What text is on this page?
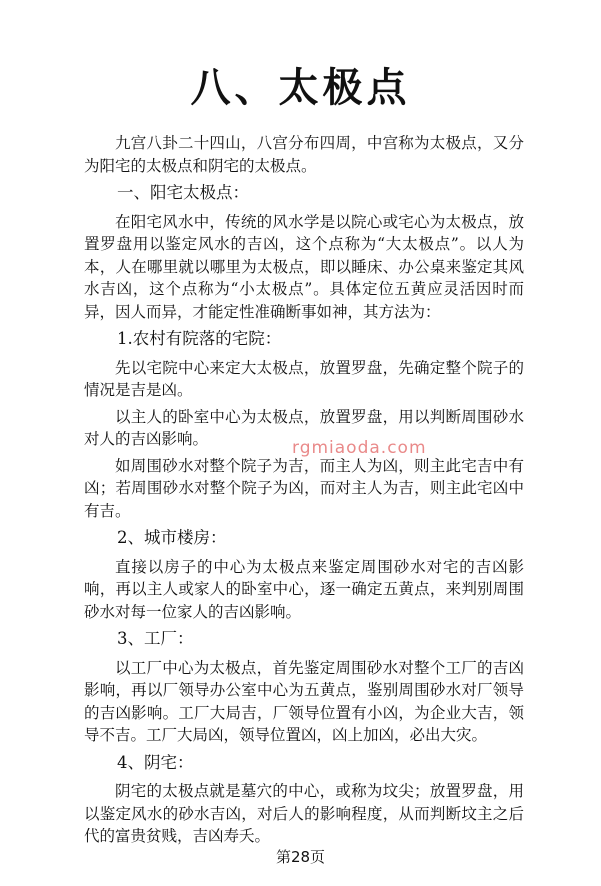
八、太极点

九宫八卦二十四山，八宫分布四周，中宫称为太极点，又分为阳宅的太极点和阴宅的太极点。

一、阳宅太极点：

在阳宅风水中，传统的风水学是以院心或宅心为太极点，放置罗盘用以鉴定风水的吉凶，这个点称为“大太极点”。以人为本，人在哪里就以哪里为太极点，即以睡床、办公桌来鉴定其风水吉凶，这个点称为“小太极点”。具体定位五黄应灵活因时而异，因人而异，才能定性准确断事如神，其方法为：

1.农村有院落的宅院：

先以宅院中心来定大太极点，放置罗盘，先确定整个院子的情况是吉是凶。

以主人的卧室中心为太极点，放置罗盘，用以判断周围砂水对人的吉凶影响。

如周围砂水对整个院子为吉，而主人为凶，则主此宅吉中有凶；若周围砂水对整个院子为凶，而对主人为吉，则主此宅凶中有吉。

2、城市楼房：

直接以房子的中心为太极点来鉴定周围砂水对宅的吉凶影响，再以主人或家人的卧室中心，逐一确定五黄点，来判别周围砂水对每一位家人的吉凶影响。

3、工厂：

以工厂中心为太极点，首先鉴定周围砂水对整个工厂的吉凶影响，再以厂领导办公室中心为五黄点，鉴别周围砂水对厂领导的吉凶影响。工厂大局吉，厂领导位置有小凶，为企业大吉，领导不吉。工厂大局凶，领导位置凶，凶上加凶，必出大灾。

4、阴宅：

阴宅的太极点就是墓穴的中心，或称为坟尖；放置罗盘，用以鉴定风水的砂水吉凶，对后人的影响程度，从而判断坟主之后代的富贵贫贱，吉凶寿夭。

rgmiaoda.com
第28页
